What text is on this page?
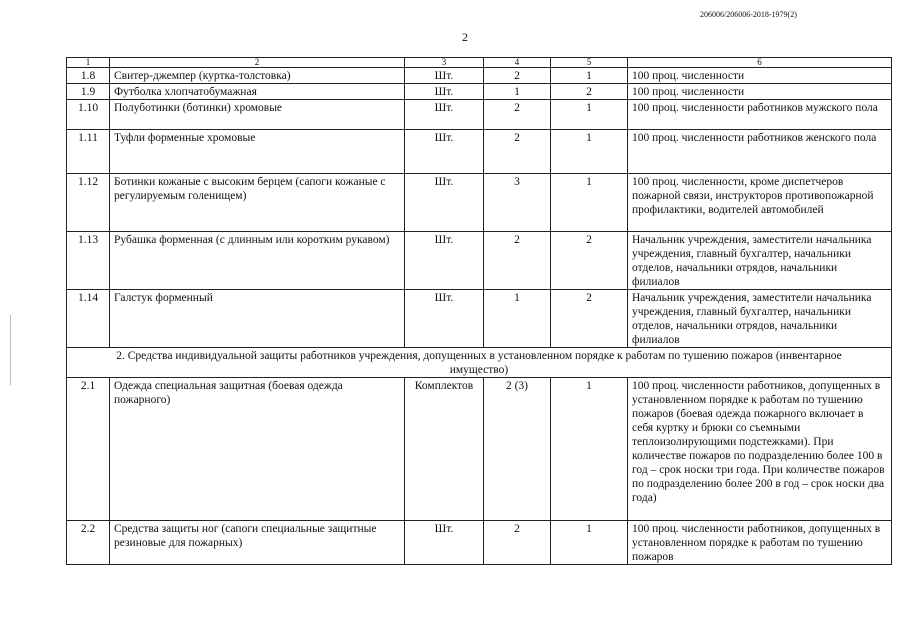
206006/206006-2018-1979(2)
2
1	2	3	4	5	6
1.8	Свитер-джемпер (куртка-толстовка)	Шт.	2	1	100 проц. численности
1.9	Футболка хлопчатобумажная	Шт.	1	2	100 проц. численности
1.10	Полуботинки (ботинки) хромовые	Шт.	2	1	100 проц. численности работников мужского пола
1.11	Туфли форменные хромовые	Шт.	2	1	100 проц. численности работников женского пола
1.12	Ботинки кожаные с высоким берцем (сапоги кожаные с регулируемым голенищем)	Шт.	3	1	100 проц. численности, кроме диспетчеров пожарной связи, инструкторов противопожарной профилактики, водителей автомобилей
1.13	Рубашка форменная (с длинным или коротким рукавом)	Шт.	2	2	Начальник учреждения, заместители начальника учреждения, главный бухгалтер, начальники отделов, начальники отрядов, начальники филиалов
1.14	Галстук форменный	Шт.	1	2	Начальник учреждения, заместители начальника учреждения, главный бухгалтер, начальники отделов, начальники отрядов, начальники филиалов
2. Средства индивидуальной защиты работников учреждения, допущенных в установленном порядке к работам по тушению пожаров (инвентарное имущество)					
2.1	Одежда специальная защитная (боевая одежда пожарного)	Комплектов	2 (3)	1	100 проц. численности работников, допущенных в установленном порядке к работам по тушению пожаров (боевая одежда пожарного включает в себя куртку и брюки со съемными теплоизолирующими подстежками). При количестве пожаров по подразделению более 100 в год – срок носки три года. При количестве пожаров по подразделению более 200 в год – срок носки два года)
2.2	Средства защиты ног (сапоги специальные защитные резиновые для пожарных)	Шт.	2	1	100 проц. численности работников, допущенных в установленном порядке к работам по тушению пожаров
